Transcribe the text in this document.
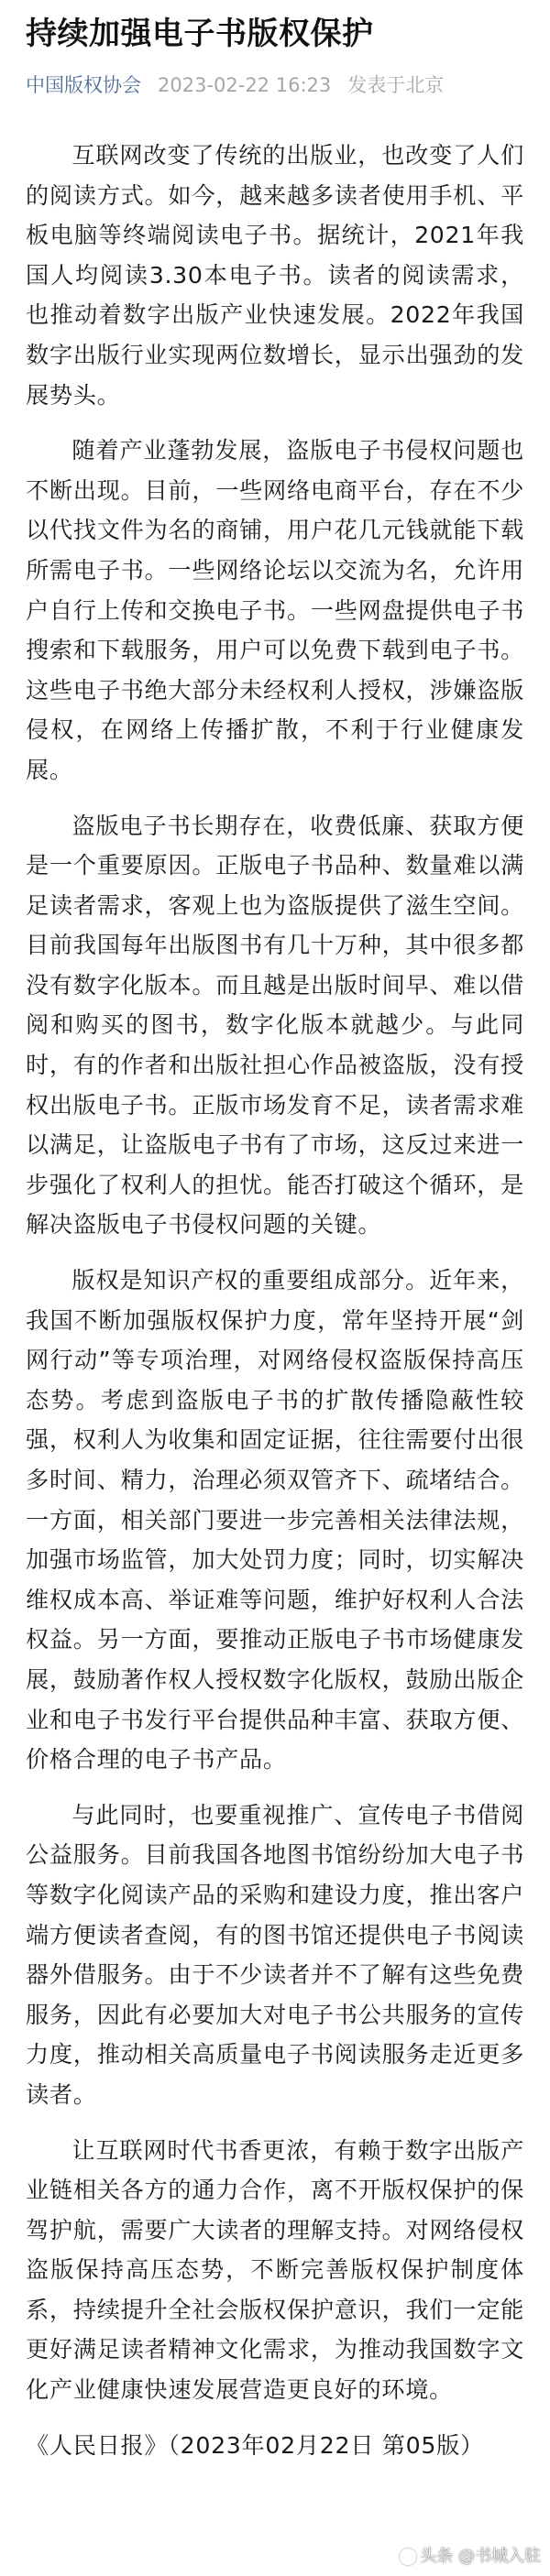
持续加强电子书版权保护
中国版权协会 2023-02-22 16:23 发表于北京

互联网改变了传统的出版业，也改变了人们的阅读方式。如今，越来越多读者使用手机、平板电脑等终端阅读电子书。据统计，2021年我国人均阅读3.30本电子书。读者的阅读需求，也推动着数字出版产业快速发展。2022年我国数字出版行业实现两位数增长，显示出强劲的发展势头。

随着产业蓬勃发展，盗版电子书侵权问题也不断出现。目前，一些网络电商平台，存在不少以代找文件为名的商铺，用户花几元钱就能下载所需电子书。一些网络论坛以交流为名，允许用户自行上传和交换电子书。一些网盘提供电子书搜索和下载服务，用户可以免费下载到电子书。这些电子书绝大部分未经权利人授权，涉嫌盗版侵权，在网络上传播扩散，不利于行业健康发展。

盗版电子书长期存在，收费低廉、获取方便是一个重要原因。正版电子书品种、数量难以满足读者需求，客观上也为盗版提供了滋生空间。目前我国每年出版图书有几十万种，其中很多都没有数字化版本。而且越是出版时间早、难以借阅和购买的图书，数字化版本就越少。与此同时，有的作者和出版社担心作品被盗版，没有授权出版电子书。正版市场发育不足，读者需求难以满足，让盗版电子书有了市场，这反过来进一步强化了权利人的担忧。能否打破这个循环，是解决盗版电子书侵权问题的关键。

版权是知识产权的重要组成部分。近年来，我国不断加强版权保护力度，常年坚持开展“剑网行动”等专项治理，对网络侵权盗版保持高压态势。考虑到盗版电子书的扩散传播隐蔽性较强，权利人为收集和固定证据，往往需要付出很多时间、精力，治理必须双管齐下、疏堵结合。一方面，相关部门要进一步完善相关法律法规，加强市场监管，加大处罚力度；同时，切实解决维权成本高、举证难等问题，维护好权利人合法权益。另一方面，要推动正版电子书市场健康发展，鼓励著作权人授权数字化版权，鼓励出版企业和电子书发行平台提供品种丰富、获取方便、价格合理的电子书产品。

与此同时，也要重视推广、宣传电子书借阅公益服务。目前我国各地图书馆纷纷加大电子书等数字化阅读产品的采购和建设力度，推出客户端方便读者查阅，有的图书馆还提供电子书阅读器外借服务。由于不少读者并不了解有这些免费服务，因此有必要加大对电子书公共服务的宣传力度，推动相关高质量电子书阅读服务走近更多读者。

让互联网时代书香更浓，有赖于数字出版产业链相关各方的通力合作，离不开版权保护的保驾护航，需要广大读者的理解支持。对网络侵权盗版保持高压态势，不断完善版权保护制度体系，持续提升全社会版权保护意识，我们一定能更好满足读者精神文化需求，为推动我国数字文化产业健康快速发展营造更良好的环境。

《人民日报》（2023年02月22日 第05版）

头条 @书城入驻
